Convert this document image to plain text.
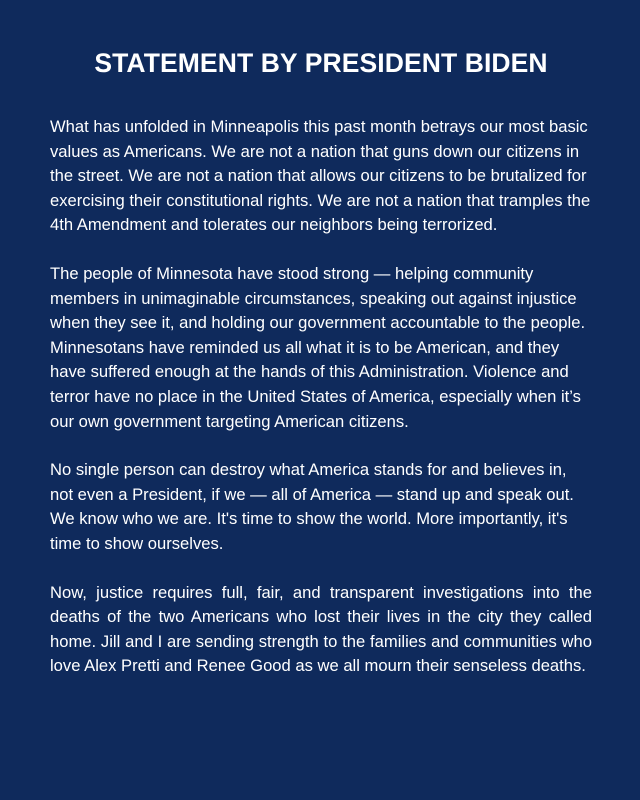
STATEMENT BY PRESIDENT BIDEN

What has unfolded in Minneapolis this past month betrays our most basic values as Americans. We are not a nation that guns down our citizens in the street. We are not a nation that allows our citizens to be brutalized for exercising their constitutional rights. We are not a nation that tramples the 4th Amendment and tolerates our neighbors being terrorized.

The people of Minnesota have stood strong — helping community members in unimaginable circumstances, speaking out against injustice when they see it, and holding our government accountable to the people. Minnesotans have reminded us all what it is to be American, and they have suffered enough at the hands of this Administration. Violence and terror have no place in the United States of America, especially when it’s our own government targeting American citizens.

No single person can destroy what America stands for and believes in, not even a President, if we — all of America — stand up and speak out. We know who we are. It's time to show the world. More importantly, it's time to show ourselves.

Now, justice requires full, fair, and transparent investigations into the deaths of the two Americans who lost their lives in the city they called home. Jill and I are sending strength to the families and communities who love Alex Pretti and Renee Good as we all mourn their senseless deaths.
